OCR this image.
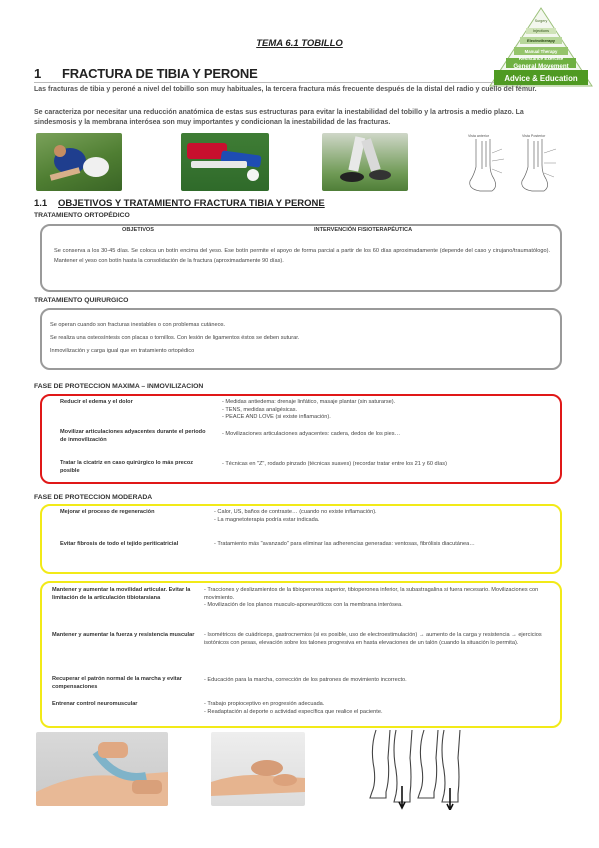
TEMA 6.1 TOBILLO
Surgery
Injections
Electrotherapy
Manual Therapy
Resistance Exercise
General Movement
Advice & Education
1 FRACTURA DE TIBIA Y PERONE
Las fracturas de tibia y peroné a nivel del tobillo son muy habituales, la tercera fractura más frecuente después de la distal del radio y cuello del fémur.
Se caracteriza por necesitar una reducción anatómica de estas sus estructuras para evitar la inestabilidad del tobillo y la artrosis a medio plazo. La sindesmosis y la membrana interósea son muy importantes y condicionan la inestabilidad de las fracturas.
Vista anterior	Vista Posterior
1.1 OBJETIVOS Y TRATAMIENTO FRACTURA TIBIA Y PERONE
TRATAMIENTO ORTOPÉDICO
OBJETIVOS	INTERVENCIÓN FISIOTERAPÉUTICA
Se conserva a los 30-45 días. Se coloca un botín encima del yeso. Ese botín permite el apoyo de forma parcial a partir de los 60 días aproximadamente (depende del caso y cirujano/traumatólogo). Mantener el yeso con botín hasta la consolidación de la fractura (aproximadamente 90 días).
TRATAMIENTO QUIRURGICO
Se operan cuando son fracturas inestables o con problemas cutáneos.
Se realiza una osteosíntesis con placas o tornillos. Con lesión de ligamentos éstos se deben suturar.
Inmovilización y carga igual que en tratamiento ortopédico
FASE DE PROTECCION MAXIMA – INMOVILIZACION
Reducir el edema y el dolor	- Medidas antiedema: drenaje linfático, masaje plantar (sin saturarse).
- TENS, medidas analgésicas.
- PEACE AND LOVE (si existe inflamación).
Movilizar articulaciones adyacentes durante el periodo de inmovilización
- Movilizaciones articulaciones adyacentes: cadera, dedos de los pies…
Tratar la cicatriz en caso quirúrgico lo más precoz posible
- Técnicas en "Z", rodado pinzado (técnicas suaves) (recordar tratar entre los 21 y 60 días)
FASE DE PROTECCION MODERADA
Mejorar el proceso de regeneración	- Calor, US, baños de contraste… (cuando no existe inflamación).
- La magnetoterapia podría estar indicada.
Evitar fibrosis de todo el tejido periticatricial	- Tratamiento más "avanzado" para eliminar las adherencias generadas: ventosas, fibrólisis diacutánea…
Mantener y aumentar la movilidad articular. Evitar la limitación de la articulación tibiotarsiana
- Tracciones y deslizamientos de la tibioperonea superior, tibioperonea inferior, la subastragalina si fuera necesario. Movilizaciones con movimiento.
- Movilización de los planos musculo-aponeuróticos con la membrana interósea.
Mantener y aumentar la fuerza y resistencia muscular	- Isométricos de cuádriceps, gastrocnemios (si es posible, uso de electroestimulación) → aumento de la carga y resistencia → ejercicios isotónicos con pesas, elevación sobre los talones progresiva en hasta elevaciones de un talón (cuando la situación lo permita).
Recuperar el patrón normal de la marcha y evitar compensaciones
- Educación para la marcha, corrección de los patrones de movimiento incorrecto.
Entrenar control neuromuscular	- Trabajo propioceptivo en progresión adecuada.
- Readaptación al deporte o actividad específica que realice el paciente.
